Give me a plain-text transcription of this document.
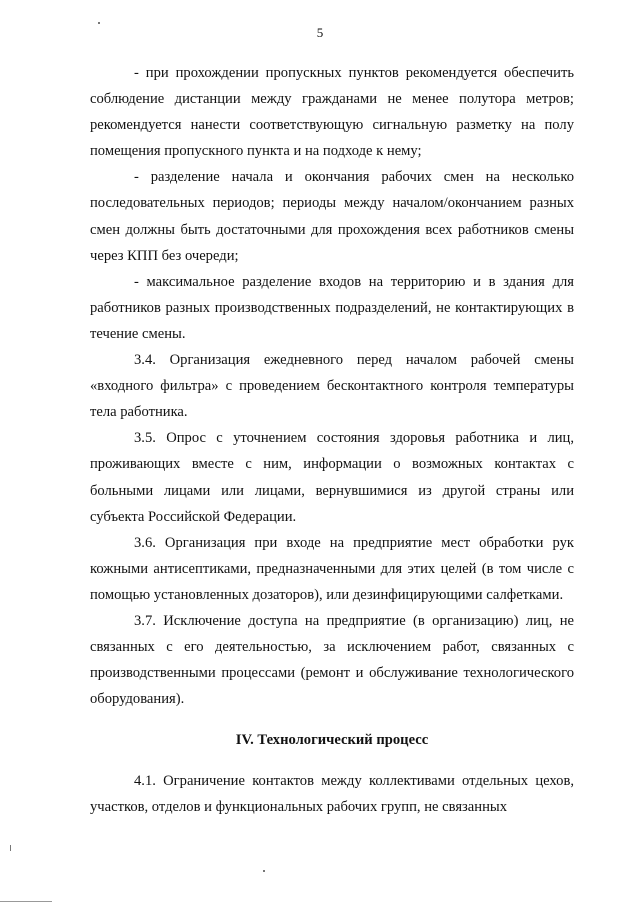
5

- при прохождении пропускных пунктов рекомендуется обеспечить соблюдение дистанции между гражданами не менее полутора метров; рекомендуется нанести соответствующую сигнальную разметку на полу помещения пропускного пункта и на подходе к нему;

- разделение начала и окончания рабочих смен на несколько последовательных периодов; периоды между началом/окончанием разных смен должны быть достаточными для прохождения всех работников смены через КПП без очереди;

- максимальное разделение входов на территорию и в здания для работников разных производственных подразделений, не контактирующих в течение смены.

3.4. Организация ежедневного перед началом рабочей смены «входного фильтра» с проведением бесконтактного контроля температуры тела работника.

3.5. Опрос с уточнением состояния здоровья работника и лиц, проживающих вместе с ним, информации о возможных контактах с больными лицами или лицами, вернувшимися из другой страны или субъекта Российской Федерации.

3.6. Организация при входе на предприятие мест обработки рук кожными антисептиками, предназначенными для этих целей (в том числе с помощью установленных дозаторов), или дезинфицирующими салфетками.

3.7. Исключение доступа на предприятие (в организацию) лиц, не связанных с его деятельностью, за исключением работ, связанных с производственными процессами (ремонт и обслуживание технологического оборудования).

IV. Технологический процесс

4.1. Ограничение контактов между коллективами отдельных цехов, участков, отделов и функциональных рабочих групп, не связанных
